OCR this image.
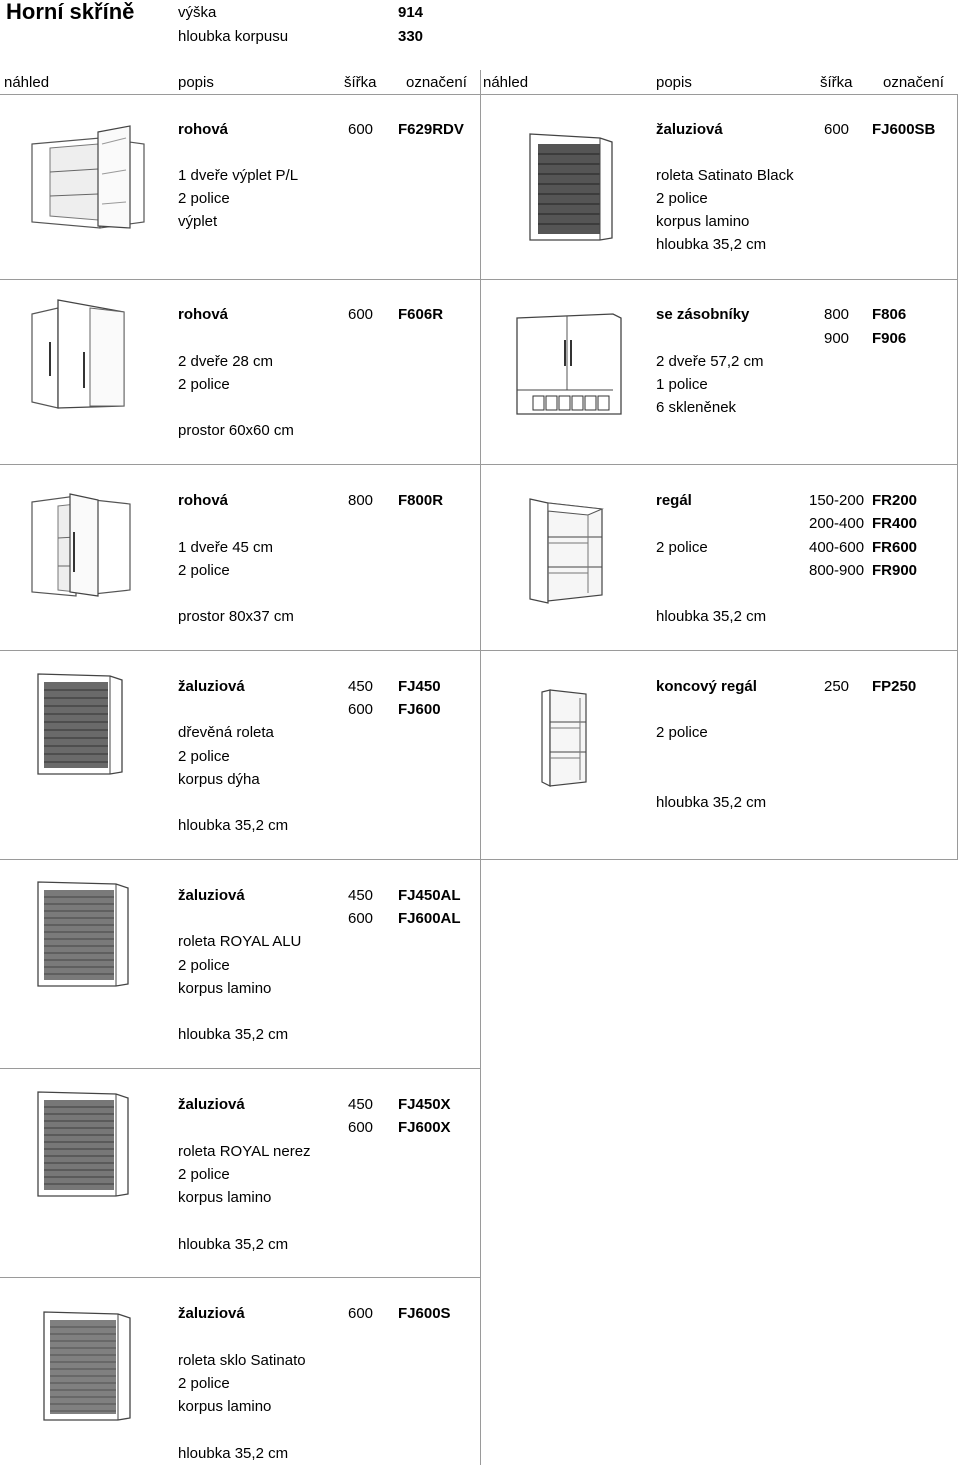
Horní skříně	výška	914
hloubka korpusu	330
náhled	popis	šířka označení náhled	popis	šířka označení
rohová	600 F629RDV
1 dveře výplet P/L
2 police
výplet
žaluziová	600 FJ600SB
roleta Satinato Black
2 police
korpus lamino
hloubka 35,2 cm
rohová	600 F606R
2 dveře 28 cm
2 police
prostor 60x60 cm
se zásobníky	800 F806
900 F906
2 dveře 57,2 cm
1 police
6 skleněnek
rohová	800 F800R
1 dveře 45 cm
2 police
prostor 80x37 cm
regál	150-200 FR200
200-400 FR400
2 police	400-600 FR600
800-900 FR900
hloubka 35,2 cm
žaluziová	450 FJ450
600 FJ600
dřevěná roleta
2 police
korpus dýha
hloubka 35,2 cm
koncový regál	250 FP250
2 police
hloubka 35,2 cm
žaluziová	450 FJ450AL
600 FJ600AL
roleta ROYAL ALU
2 police
korpus lamino
hloubka 35,2 cm
žaluziová	450 FJ450X
600 FJ600X
roleta ROYAL nerez
2 police
korpus lamino
hloubka 35,2 cm
žaluziová	600 FJ600S
roleta sklo Satinato
2 police
korpus lamino
hloubka 35,2 cm
